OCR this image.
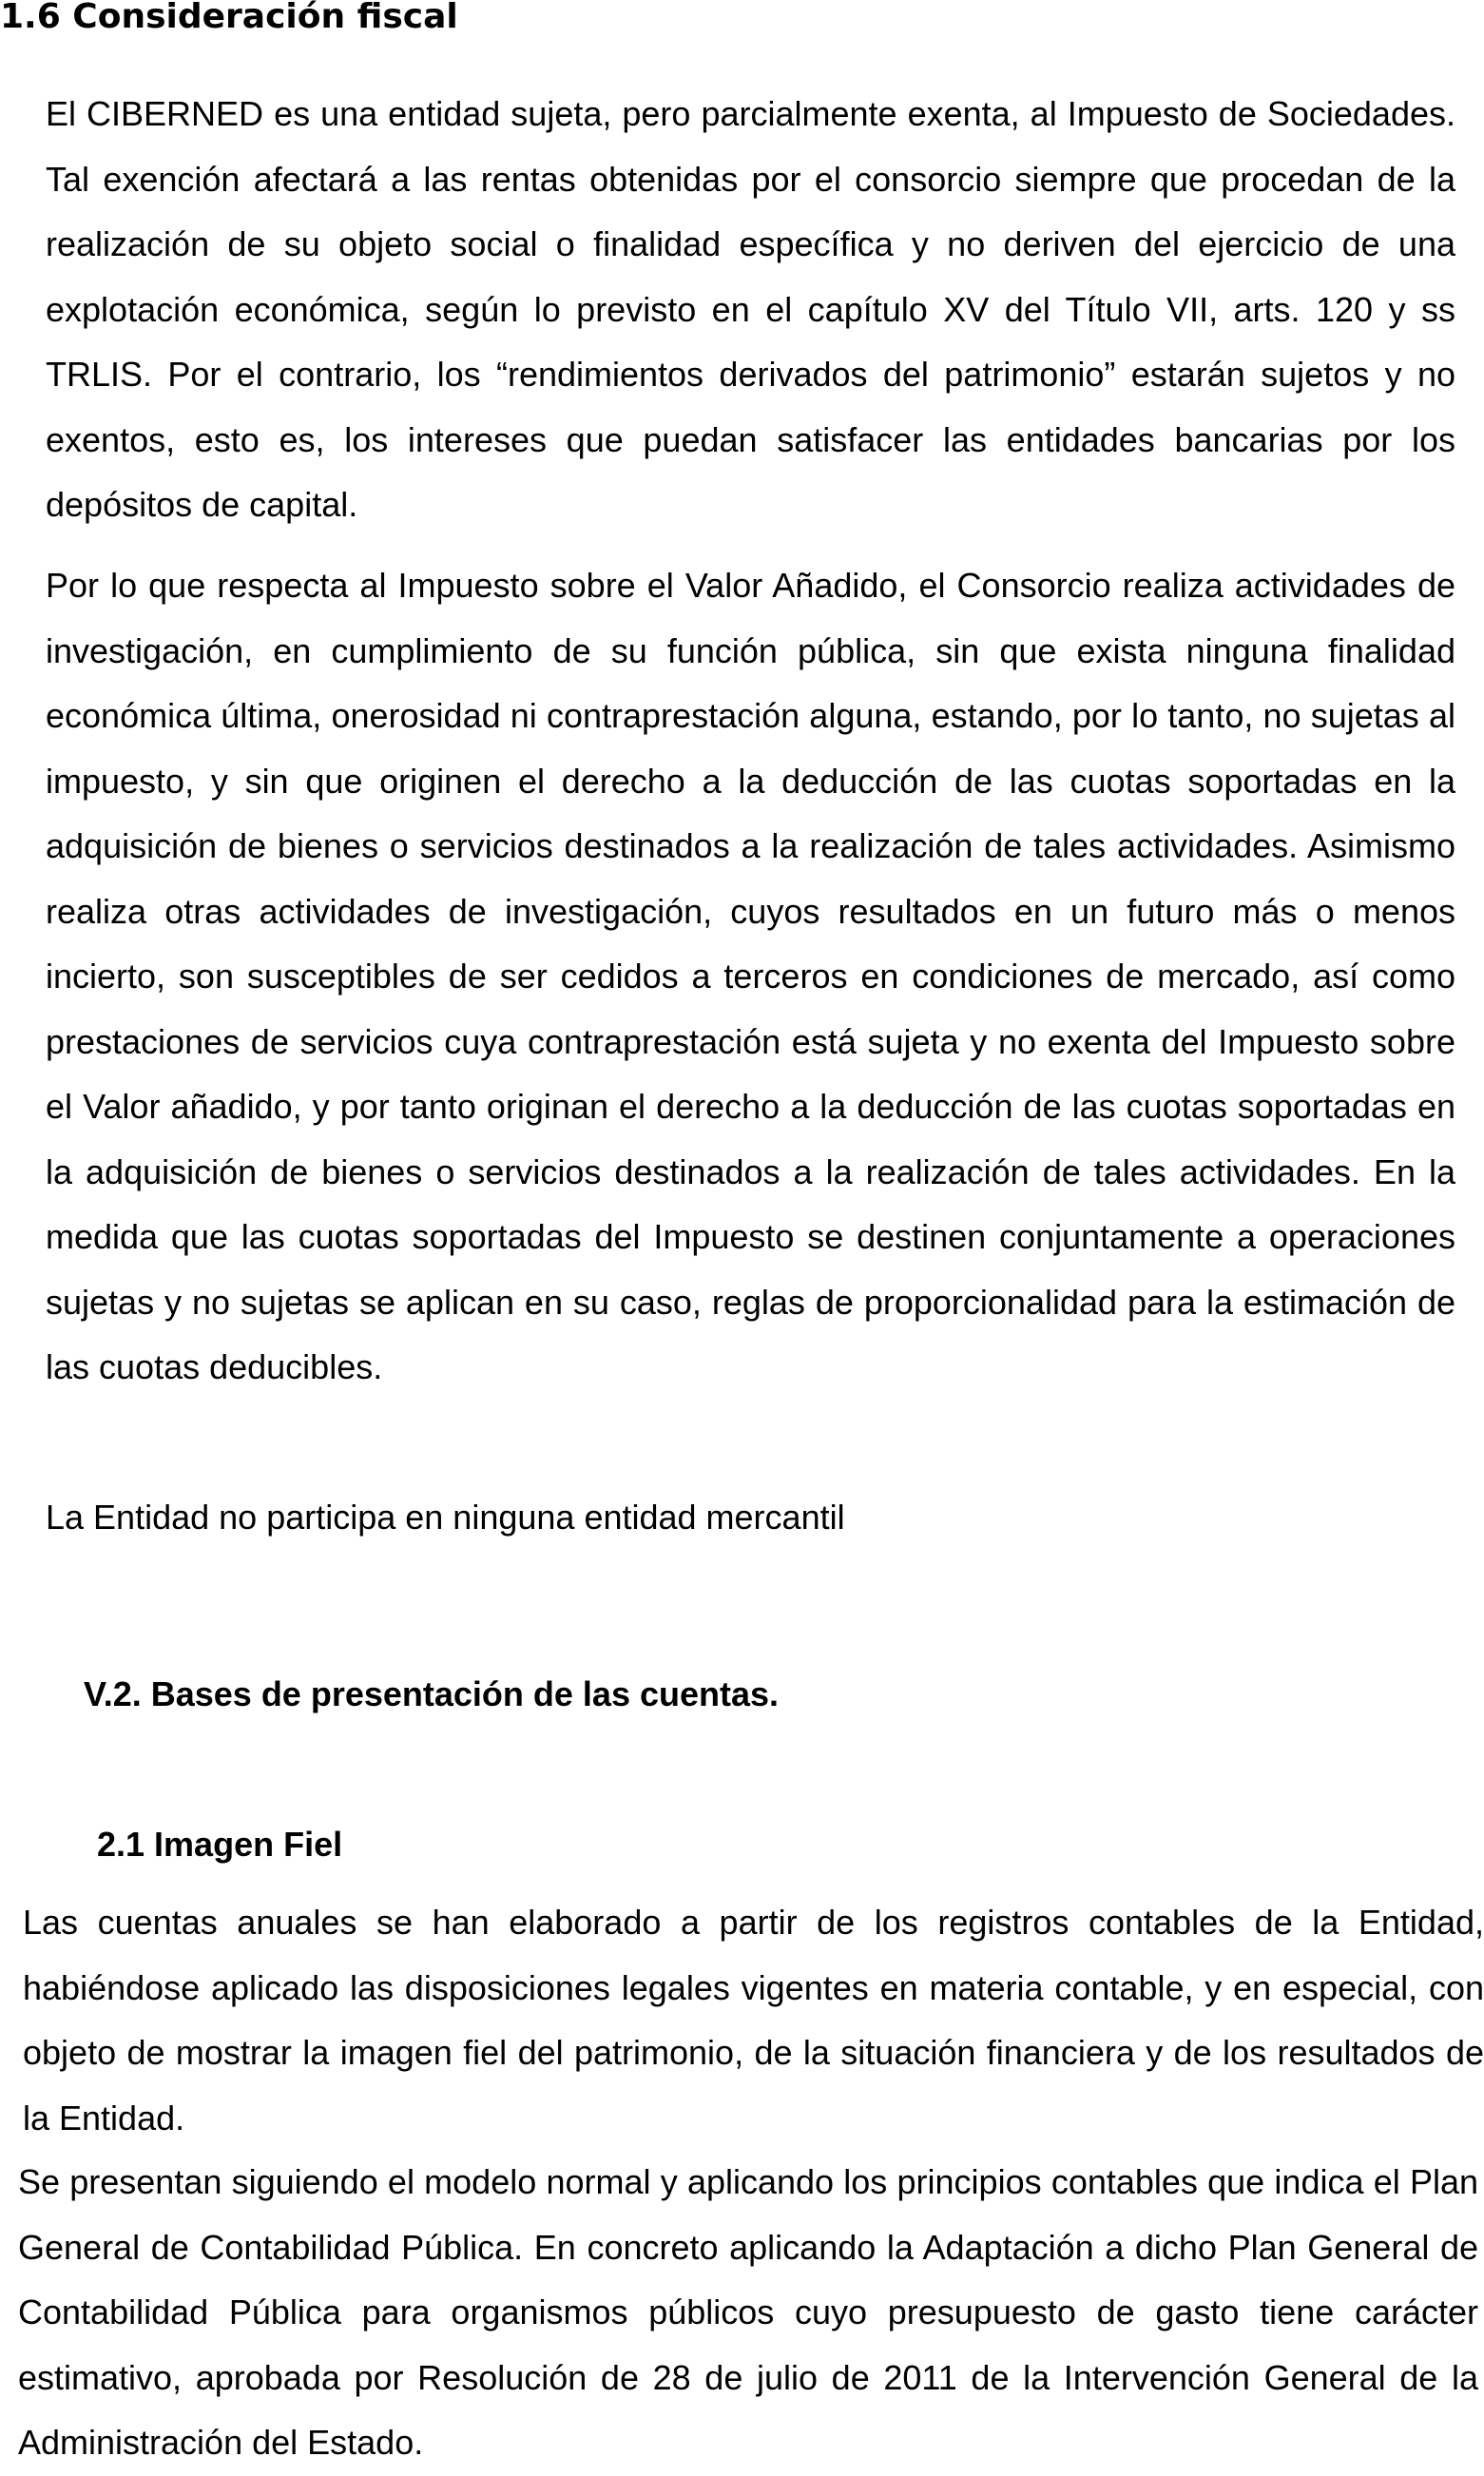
1.6 Consideración fiscal

El CIBERNED es una entidad sujeta, pero parcialmente exenta, al Impuesto de Sociedades. Tal exención afectará a las rentas obtenidas por el consorcio siempre que procedan de la realización de su objeto social o finalidad específica y no deriven del ejercicio de una explotación económica, según lo previsto en el capítulo XV del Título VII, arts. 120 y ss TRLIS. Por el contrario, los “rendimientos derivados del patrimonio” estarán sujetos y no exentos, esto es, los intereses que puedan satisfacer las entidades bancarias por los depósitos de capital.

Por lo que respecta al Impuesto sobre el Valor Añadido, el Consorcio realiza actividades de investigación, en cumplimiento de su función pública, sin que exista ninguna finalidad económica última, onerosidad ni contraprestación alguna, estando, por lo tanto, no sujetas al impuesto, y sin que originen el derecho a la deducción de las cuotas soportadas en la adquisición de bienes o servicios destinados a la realización de tales actividades. Asimismo realiza otras actividades de investigación, cuyos resultados en un futuro más o menos incierto, son susceptibles de ser cedidos a terceros en condiciones de mercado, así como prestaciones de servicios cuya contraprestación está sujeta y no exenta del Impuesto sobre el Valor añadido, y por tanto originan el derecho a la deducción de las cuotas soportadas en la adquisición de bienes o servicios destinados a la realización de tales actividades. En la medida que las cuotas soportadas del Impuesto se destinen conjuntamente a operaciones sujetas y no sujetas se aplican en su caso, reglas de proporcionalidad para la estimación de las cuotas deducibles.

La Entidad no participa en ninguna entidad mercantil

V.2. Bases de presentación de las cuentas.
2.1 Imagen Fiel

Las cuentas anuales se han elaborado a partir de los registros contables de la Entidad, habiéndose aplicado las disposiciones legales vigentes en materia contable, y en especial, con objeto de mostrar la imagen fiel del patrimonio, de la situación financiera y de los resultados de la Entidad.

Se presentan siguiendo el modelo normal y aplicando los principios contables que indica el Plan General de Contabilidad Pública. En concreto aplicando la Adaptación a dicho Plan General de Contabilidad Pública para organismos públicos cuyo presupuesto de gasto tiene carácter estimativo, aprobada por Resolución de 28 de julio de 2011 de la Intervención General de la Administración del Estado.
